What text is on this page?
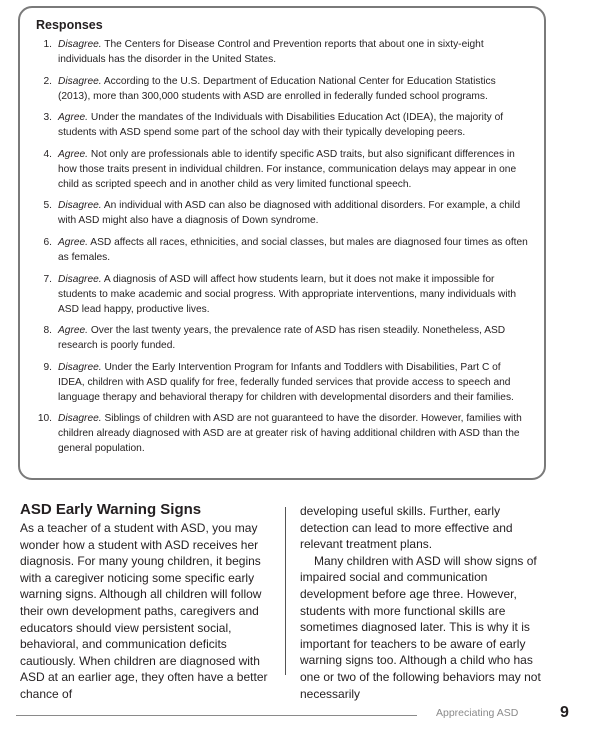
Responses
1. Disagree. The Centers for Disease Control and Prevention reports that about one in sixty-eight individuals has the disorder in the United States.
2. Disagree. According to the U.S. Department of Education National Center for Education Statistics (2013), more than 300,000 students with ASD are enrolled in federally funded school programs.
3. Agree. Under the mandates of the Individuals with Disabilities Education Act (IDEA), the majority of students with ASD spend some part of the school day with their typically developing peers.
4. Agree. Not only are professionals able to identify specific ASD traits, but also significant differences in how those traits present in individual children. For instance, communication delays may appear in one child as scripted speech and in another child as very limited functional speech.
5. Disagree. An individual with ASD can also be diagnosed with additional disorders. For example, a child with ASD might also have a diagnosis of Down syndrome.
6. Agree. ASD affects all races, ethnicities, and social classes, but males are diagnosed four times as often as females.
7. Disagree. A diagnosis of ASD will affect how students learn, but it does not make it impossible for students to make academic and social progress. With appropriate interventions, many individuals with ASD lead happy, productive lives.
8. Agree. Over the last twenty years, the prevalence rate of ASD has risen steadily. Nonetheless, ASD research is poorly funded.
9. Disagree. Under the Early Intervention Program for Infants and Toddlers with Disabilities, Part C of IDEA, children with ASD qualify for free, federally funded services that provide access to speech and language therapy and behavioral therapy for children with developmental disorders and their families.
10. Disagree. Siblings of children with ASD are not guaranteed to have the disorder. However, families with children already diagnosed with ASD are at greater risk of having additional children with ASD than the general population.
ASD Early Warning Signs

As a teacher of a student with ASD, you may wonder how a student with ASD receives her diagnosis. For many young children, it begins with a caregiver noticing some specific early warning signs. Although all children will follow their own development paths, caregivers and educators should view persistent social, behavioral, and communication deficits cautiously. When children are diagnosed with ASD at an earlier age, they often have a better chance of

developing useful skills. Further, early detection can lead to more effective and relevant treatment plans.
Many children with ASD will show signs of impaired social and communication development before age three. However, students with more functional skills are sometimes diagnosed later. This is why it is important for teachers to be aware of early warning signs too. Although a child who has one or two of the following behaviors may not necessarily
Appreciating ASD	9
